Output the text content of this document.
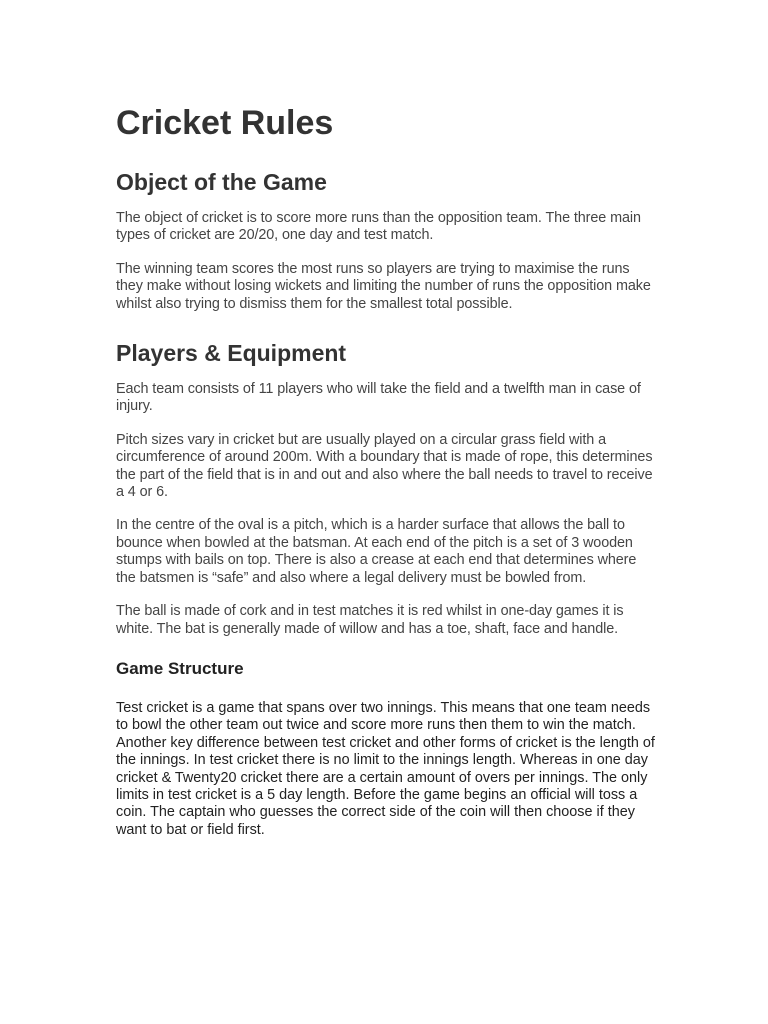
Cricket Rules
Object of the Game

The object of cricket is to score more runs than the opposition team. The three main types of cricket are 20/20, one day and test match.

The winning team scores the most runs so players are trying to maximise the runs they make without losing wickets and limiting the number of runs the opposition make whilst also trying to dismiss them for the smallest total possible.

Players & Equipment

Each team consists of 11 players who will take the field and a twelfth man in case of injury.

Pitch sizes vary in cricket but are usually played on a circular grass field with a circumference of around 200m. With a boundary that is made of rope, this determines the part of the field that is in and out and also where the ball needs to travel to receive a 4 or 6.

In the centre of the oval is a pitch, which is a harder surface that allows the ball to bounce when bowled at the batsman. At each end of the pitch is a set of 3 wooden stumps with bails on top. There is also a crease at each end that determines where the batsmen is “safe” and also where a legal delivery must be bowled from.

The ball is made of cork and in test matches it is red whilst in one-day games it is white. The bat is generally made of willow and has a toe, shaft, face and handle.

Game Structure

Test cricket is a game that spans over two innings. This means that one team needs to bowl the other team out twice and score more runs then them to win the match. Another key difference between test cricket and other forms of cricket is the length of the innings. In test cricket there is no limit to the innings length. Whereas in one day cricket & Twenty20 cricket there are a certain amount of overs per innings. The only limits in test cricket is a 5 day length. Before the game begins an official will toss a coin. The captain who guesses the correct side of the coin will then choose if they want to bat or field first.
